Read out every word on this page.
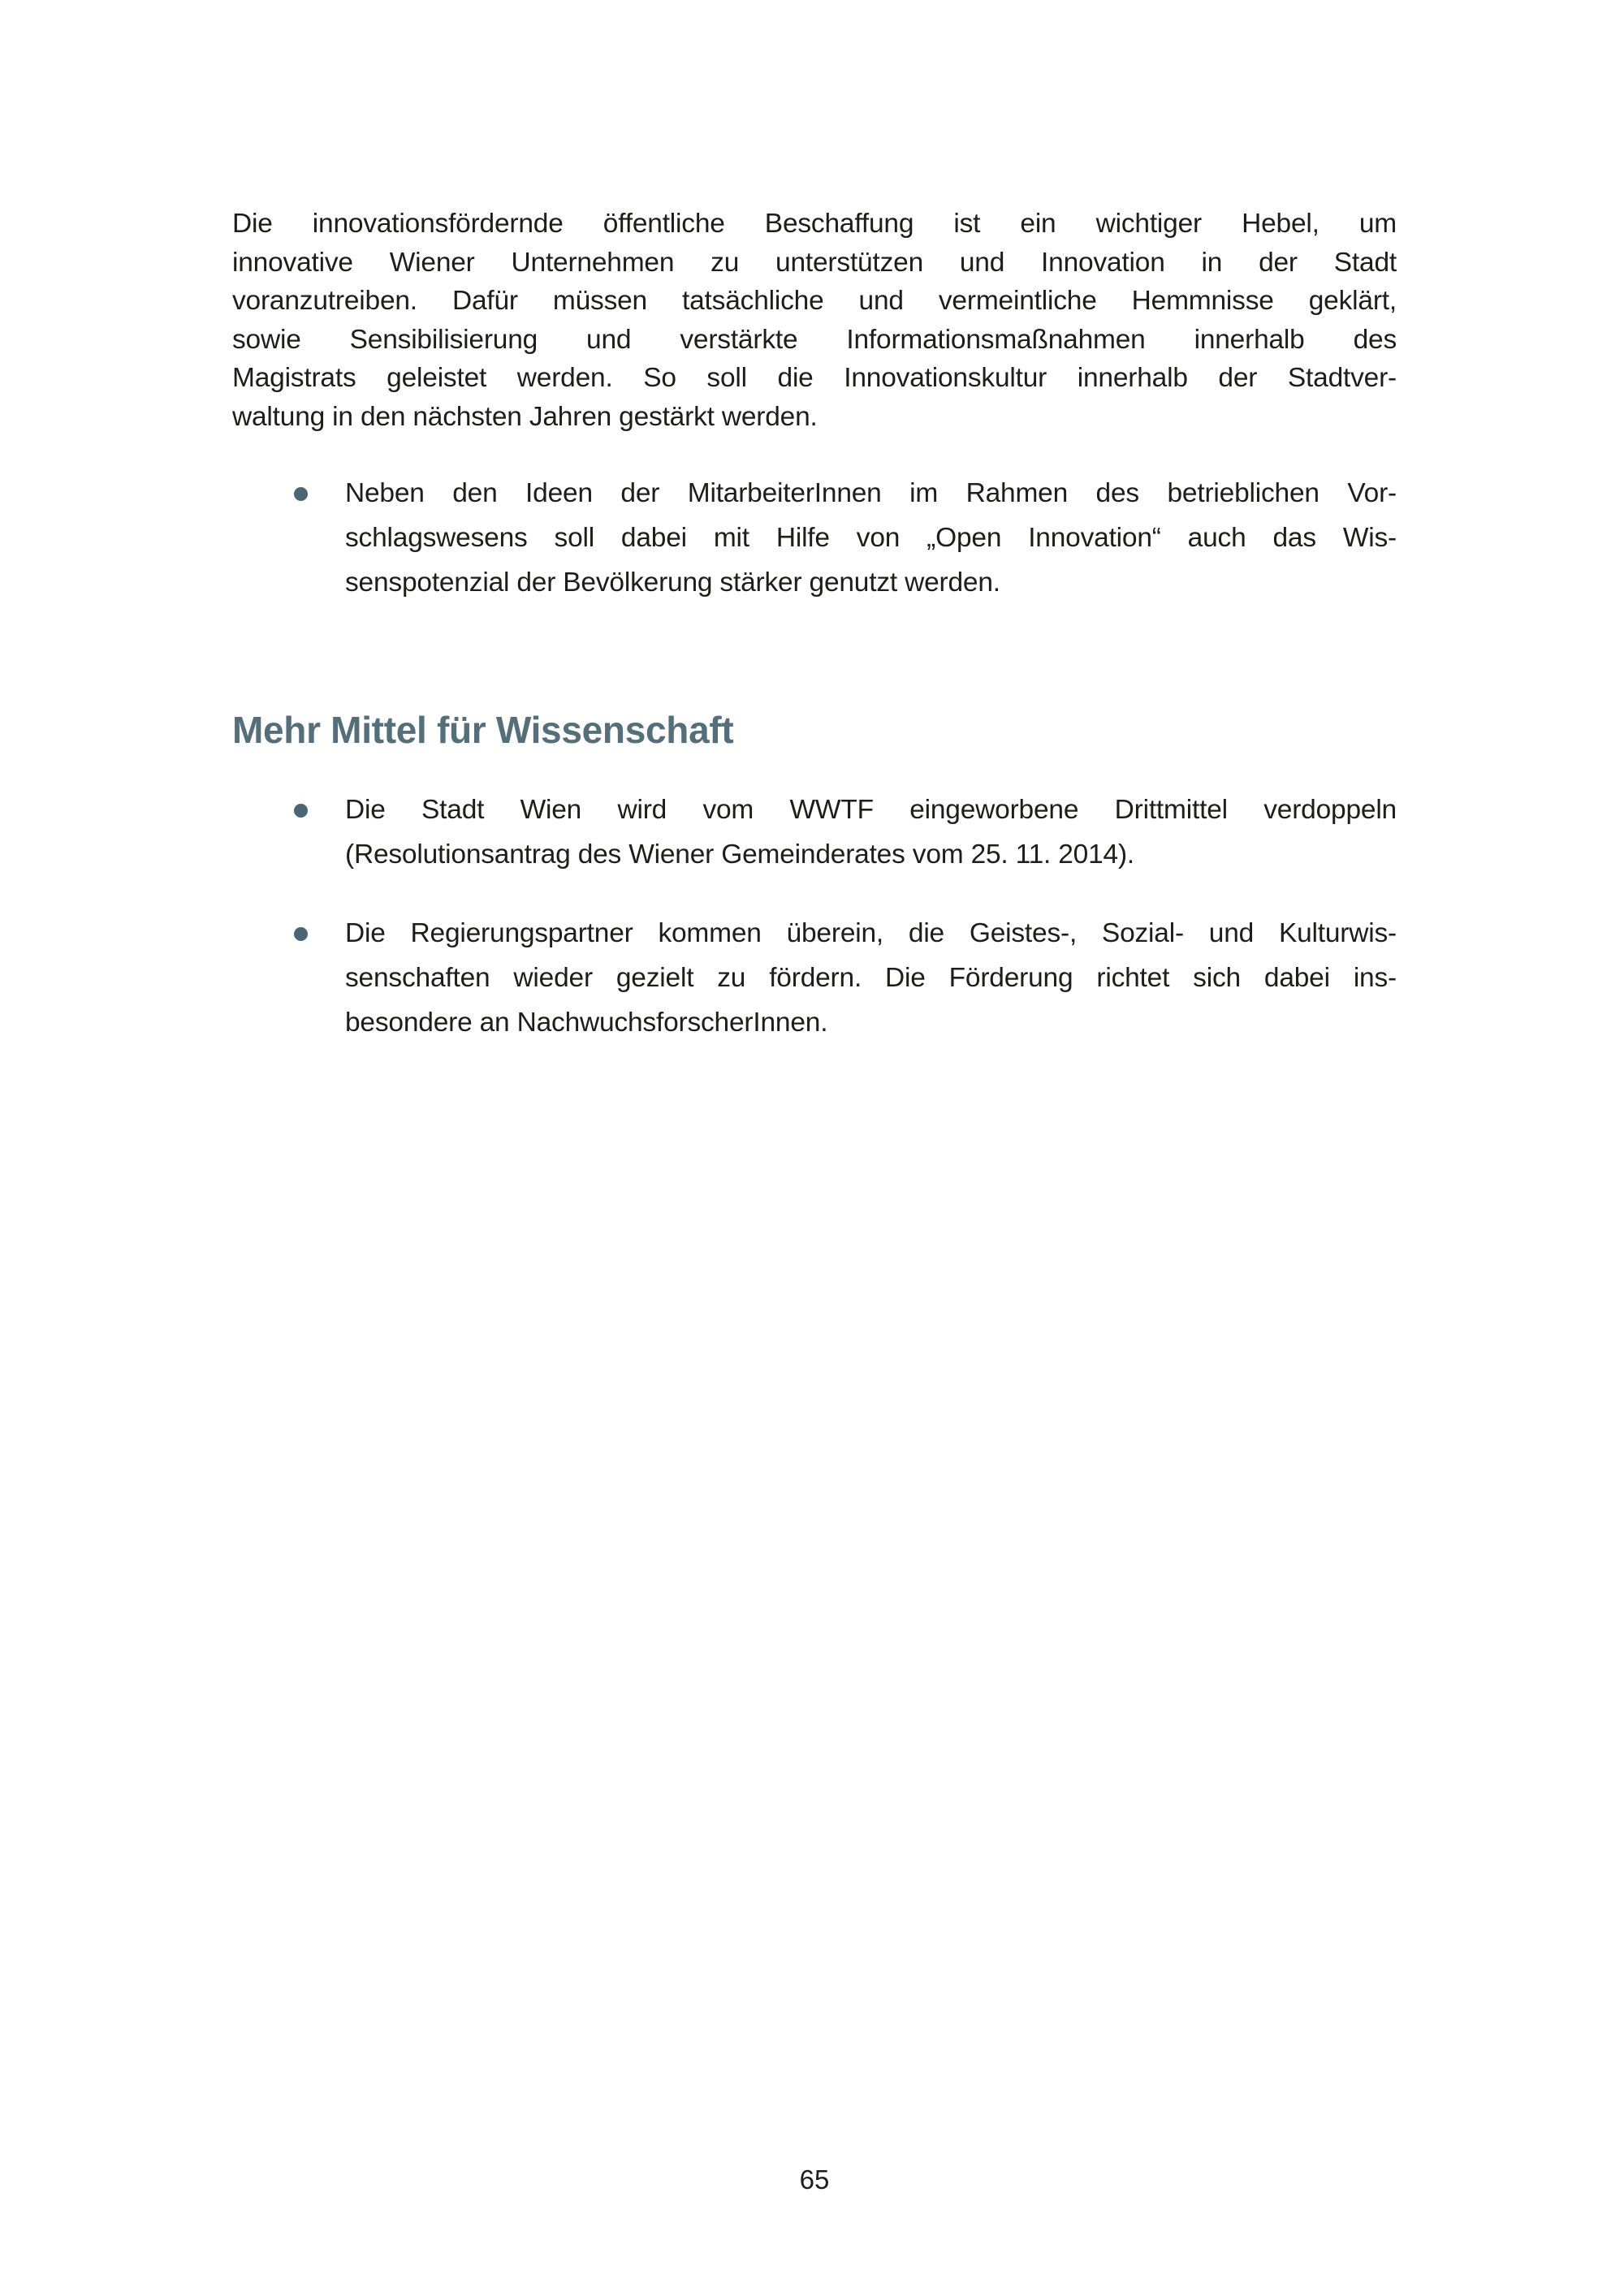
Die innovationsfördernde öffentliche Beschaffung ist ein wichtiger Hebel, um
innovative Wiener Unternehmen zu unterstützen und Innovation in der Stadt
voranzutreiben. Dafür müssen tatsächliche und vermeintliche Hemmnisse geklärt,
sowie Sensibilisierung und verstärkte Informationsmaßnahmen innerhalb des
Magistrats geleistet werden. So soll die Innovationskultur innerhalb der Stadtver-
waltung in den nächsten Jahren gestärkt werden.
Neben den Ideen der MitarbeiterInnen im Rahmen des betrieblichen Vor-
schlagswesens soll dabei mit Hilfe von „Open Innovation“ auch das Wis-
senspotenzial der Bevölkerung stärker genutzt werden.
Mehr Mittel für Wissenschaft
Die Stadt Wien wird vom WWTF eingeworbene Drittmittel verdoppeln
(Resolutionsantrag des Wiener Gemeinderates vom 25. 11. 2014).
Die Regierungspartner kommen überein, die Geistes-, Sozial- und Kulturwis-
senschaften wieder gezielt zu fördern. Die Förderung richtet sich dabei ins-
besondere an NachwuchsforscherInnen.
65
